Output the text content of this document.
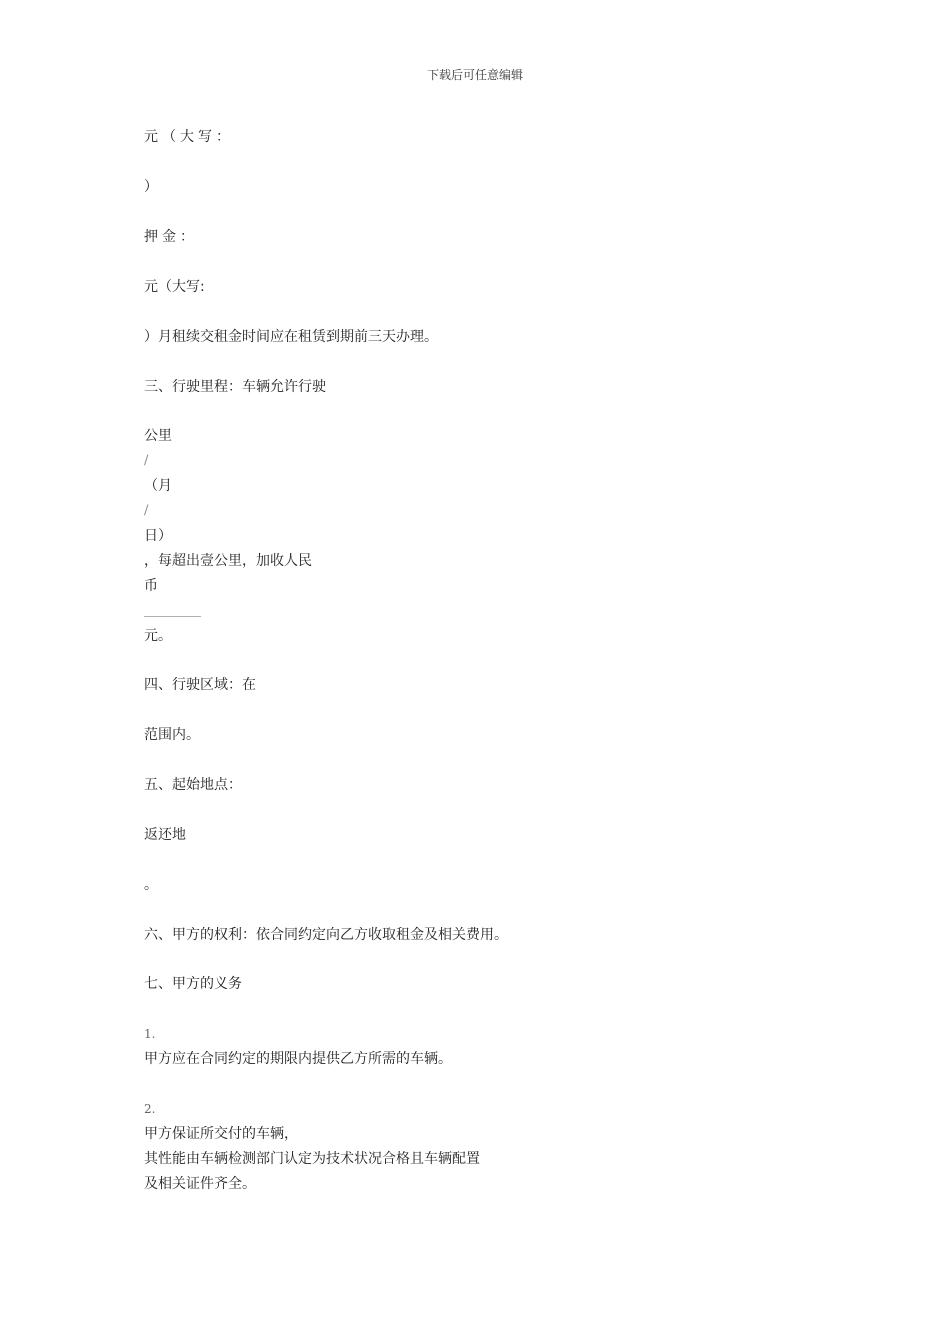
下载后可任意编辑
元（大写：
）
押金：
元（大写:
）月租续交租金时间应在租赁到期前三天办理。
三、行驶里程：车辆允许行驶
公里
/
（月
/
日）
，每超出壹公里，加收人民
币
元。
四、行驶区域：在
范围内。
五、起始地点：
返还地
。
六、甲方的权利：依合同约定向乙方收取租金及相关费用。
七、甲方的义务
1.
甲方应在合同约定的期限内提供乙方所需的车辆。
2.
甲方保证所交付的车辆，
其性能由车辆检测部门认定为技术状况合格且车辆配置
及相关证件齐全。
